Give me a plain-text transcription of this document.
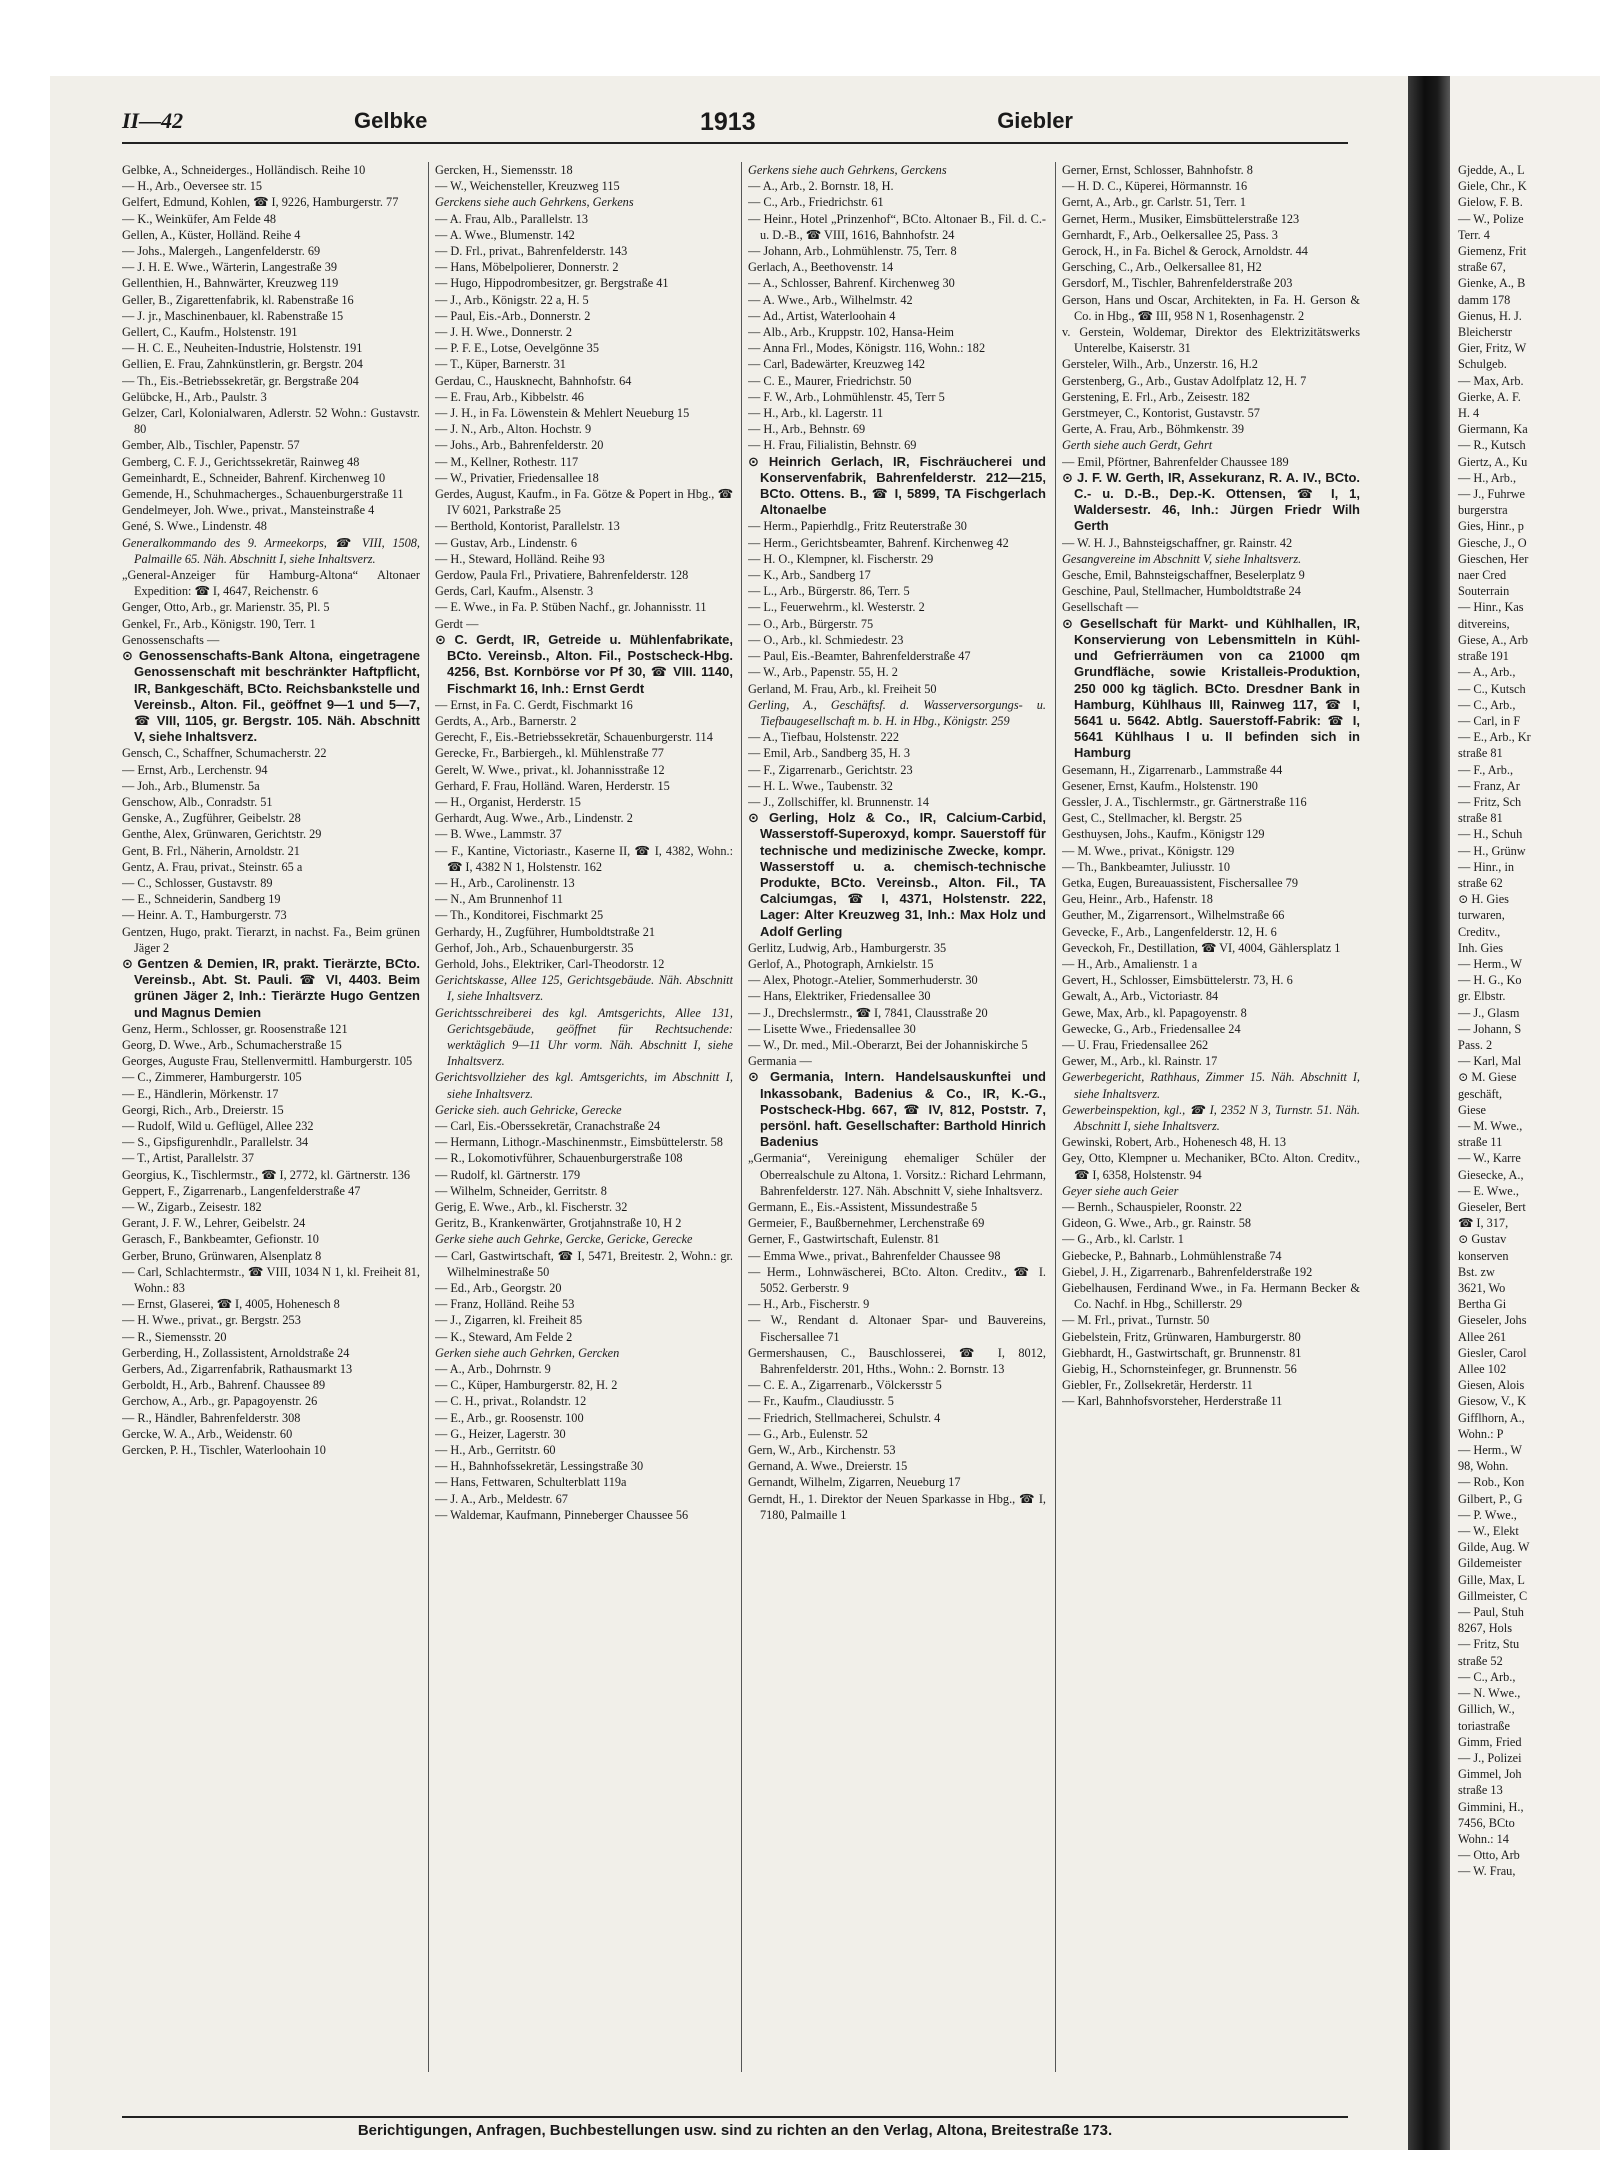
II—42	Gelbke	1913	Giebler

Gelbke, A., Schneiderges., Holländisch. Reihe 10

— H., Arb., Oeversee str. 15

Gelfert, Edmund, Kohlen, ☎ I, 9226, Hamburgerstr. 77

— K., Weinküfer, Am Felde 48

Gellen, A., Küster, Holländ. Reihe 4

— Johs., Malergeh., Langenfelderstr. 69

— J. H. E. Wwe., Wärterin, Langestraße 39

Gellenthien, H., Bahnwärter, Kreuzweg 119

Geller, B., Zigarettenfabrik, kl. Rabenstraße 16

— J. jr., Maschinenbauer, kl. Rabenstraße 15

Gellert, C., Kaufm., Holstenstr. 191

— H. C. E., Neuheiten-Industrie, Holstenstr. 191

Gellien, E. Frau, Zahnkünstlerin, gr. Bergstr. 204

— Th., Eis.-Betriebssekretär, gr. Bergstraße 204

Gelübcke, H., Arb., Paulstr. 3

Gelzer, Carl, Kolonialwaren, Adlerstr. 52 Wohn.: Gustavstr. 80

Gember, Alb., Tischler, Papenstr. 57

Gemberg, C. F. J., Gerichtssekretär, Rainweg 48

Gemeinhardt, E., Schneider, Bahrenf. Kirchenweg 10

Gemende, H., Schuhmacherges., Schauenburgerstraße 11

Gendelmeyer, Joh. Wwe., privat., Mansteinstraße 4

Gené, S. Wwe., Lindenstr. 48

Generalkommando des 9. Armeekorps, ☎ VIII, 1508, Palmaille 65. Näh. Abschnitt I, siehe Inhaltsverz.

„General-Anzeiger für Hamburg-Altona“ Altonaer Expedition: ☎ I, 4647, Reichenstr. 6

Genger, Otto, Arb., gr. Marienstr. 35, Pl. 5

Genkel, Fr., Arb., Königstr. 190, Terr. 1

Genossenschafts —

⊙ Genossenschafts-Bank Altona, eingetragene Genossenschaft mit beschränkter Haftpflicht, IR, Bankgeschäft, BCto. Reichsbankstelle und Vereinsb., Alton. Fil., geöffnet 9—1 und 5—7, ☎ VIII, 1105, gr. Bergstr. 105. Näh. Abschnitt V, siehe Inhaltsverz.

Gensch, C., Schaffner, Schumacherstr. 22

— Ernst, Arb., Lerchenstr. 94

— Joh., Arb., Blumenstr. 5a

Genschow, Alb., Conradstr. 51

Genske, A., Zugführer, Geibelstr. 28

Genthe, Alex, Grünwaren, Gerichtstr. 29

Gent, B. Frl., Näherin, Arnoldstr. 21

Gentz, A. Frau, privat., Steinstr. 65 a

— C., Schlosser, Gustavstr. 89

— E., Schneiderin, Sandberg 19

— Heinr. A. T., Hamburgerstr. 73

Gentzen, Hugo, prakt. Tierarzt, in nachst. Fa., Beim grünen Jäger 2

⊙ Gentzen & Demien, IR, prakt. Tierärzte, BCto. Vereinsb., Abt. St. Pauli. ☎ VI, 4403. Beim grünen Jäger 2, Inh.: Tierärzte Hugo Gentzen und Magnus Demien

Genz, Herm., Schlosser, gr. Roosenstraße 121

Georg, D. Wwe., Arb., Schumacherstraße 15

Georges, Auguste Frau, Stellenvermittl. Hamburgerstr. 105

— C., Zimmerer, Hamburgerstr. 105

— E., Händlerin, Mörkenstr. 17

Georgi, Rich., Arb., Dreierstr. 15

— Rudolf, Wild u. Geflügel, Allee 232

— S., Gipsfigurenhdlr., Parallelstr. 34

— T., Artist, Parallelstr. 37

Georgius, K., Tischlermstr., ☎ I, 2772, kl. Gärtnerstr. 136

Geppert, F., Zigarrenarb., Langenfelderstraße 47

— W., Zigarb., Zeisestr. 182

Gerant, J. F. W., Lehrer, Geibelstr. 24

Gerasch, F., Bankbeamter, Gefionstr. 10

Gerber, Bruno, Grünwaren, Alsenplatz 8

— Carl, Schlachtermstr., ☎ VIII, 1034 N 1, kl. Freiheit 81, Wohn.: 83

— Ernst, Glaserei, ☎ I, 4005, Hohenesch 8

— H. Wwe., privat., gr. Bergstr. 253

— R., Siemensstr. 20

Gerberding, H., Zollassistent, Arnoldstraße 24

Gerbers, Ad., Zigarrenfabrik, Rathausmarkt 13

Gerboldt, H., Arb., Bahrenf. Chaussee 89

Gerchow, A., Arb., gr. Papagoyenstr. 26

— R., Händler, Bahrenfelderstr. 308

Gercke, W. A., Arb., Weidenstr. 60

Gercken, P. H., Tischler, Waterloohain 10

Gercken, H., Siemensstr. 18

— W., Weichensteller, Kreuzweg 115

Gerckens siehe auch Gehrkens, Gerkens

— A. Frau, Alb., Parallelstr. 13

— A. Wwe., Blumenstr. 142

— D. Frl., privat., Bahrenfelderstr. 143

— Hans, Möbelpolierer, Donnerstr. 2

— Hugo, Hippodrombesitzer, gr. Bergstraße 41

— J., Arb., Königstr. 22 a, H. 5

— Paul, Eis.-Arb., Donnerstr. 2

— J. H. Wwe., Donnerstr. 2

— P. F. E., Lotse, Oevelgönne 35

— T., Küper, Barnerstr. 31

Gerdau, C., Hausknecht, Bahnhofstr. 64

— E. Frau, Arb., Kibbelstr. 46

— J. H., in Fa. Löwenstein & Mehlert Neueburg 15

— J. N., Arb., Alton. Hochstr. 9

— Johs., Arb., Bahrenfelderstr. 20

— M., Kellner, Rothestr. 117

— W., Privatier, Friedensallee 18

Gerdes, August, Kaufm., in Fa. Götze & Popert in Hbg., ☎ IV 6021, Parkstraße 25

— Berthold, Kontorist, Parallelstr. 13

— Gustav, Arb., Lindenstr. 6

— H., Steward, Holländ. Reihe 93

Gerdow, Paula Frl., Privatiere, Bahrenfelderstr. 128

Gerds, Carl, Kaufm., Alsenstr. 3

— E. Wwe., in Fa. P. Stüben Nachf., gr. Johannisstr. 11

Gerdt —

⊙ C. Gerdt, IR, Getreide u. Mühlenfabrikate, BCto. Vereinsb., Alton. Fil., Postscheck-Hbg. 4256, Bst. Kornbörse vor Pf 30, ☎ VIII. 1140, Fischmarkt 16, Inh.: Ernst Gerdt

— Ernst, in Fa. C. Gerdt, Fischmarkt 16

Gerdts, A., Arb., Barnerstr. 2

Gerecht, F., Eis.-Betriebssekretär, Schauenburgerstr. 114

Gerecke, Fr., Barbiergeh., kl. Mühlenstraße 77

Gerelt, W. Wwe., privat., kl. Johannisstraße 12

Gerhard, F. Frau, Holländ. Waren, Herderstr. 15

— H., Organist, Herderstr. 15

Gerhardt, Aug. Wwe., Arb., Lindenstr. 2

— B. Wwe., Lammstr. 37

— F., Kantine, Victoriastr., Kaserne II, ☎ I, 4382, Wohn.: ☎ I, 4382 N 1, Holstenstr. 162

— H., Arb., Carolinenstr. 13

— N., Am Brunnenhof 11

— Th., Konditorei, Fischmarkt 25

Gerhardy, H., Zugführer, Humboldtstraße 21

Gerhof, Joh., Arb., Schauenburgerstr. 35

Gerhold, Johs., Elektriker, Carl-Theodorstr. 12

Gerichtskasse, Allee 125, Gerichtsgebäude. Näh. Abschnitt I, siehe Inhaltsverz.

Gerichtsschreiberei des kgl. Amtsgerichts, Allee 131, Gerichtsgebäude, geöffnet für Rechtsuchende: werktäglich 9—11 Uhr vorm. Näh. Abschnitt I, siehe Inhaltsverz.

Gerichtsvollzieher des kgl. Amtsgerichts, im Abschnitt I, siehe Inhaltsverz.

Gericke sieh. auch Gehricke, Gerecke

— Carl, Eis.-Oberssekretär, Cranachstraße 24

— Hermann, Lithogr.-Maschinenmstr., Eimsbüttelerstr. 58

— R., Lokomotivführer, Schauenburgerstraße 108

— Rudolf, kl. Gärtnerstr. 179

— Wilhelm, Schneider, Gerritstr. 8

Gerig, E. Wwe., Arb., kl. Fischerstr. 32

Geritz, B., Krankenwärter, Grotjahnstraße 10, H 2

Gerke siehe auch Gehrke, Gercke, Gericke, Gerecke

— Carl, Gastwirtschaft, ☎ I, 5471, Breitestr. 2, Wohn.: gr. Wilhelminestraße 50

— Ed., Arb., Georgstr. 20

— Franz, Holländ. Reihe 53

— J., Zigarren, kl. Freiheit 85

— K., Steward, Am Felde 2

Gerken siehe auch Gehrken, Gercken

— A., Arb., Dohrnstr. 9

— C., Küper, Hamburgerstr. 82, H. 2

— C. H., privat., Rolandstr. 12

— E., Arb., gr. Roosenstr. 100

— G., Heizer, Lagerstr. 30

— H., Arb., Gerritstr. 60

— H., Bahnhofssekretär, Lessingstraße 30

— Hans, Fettwaren, Schulterblatt 119a

— J. A., Arb., Meldestr. 67

— Waldemar, Kaufmann, Pinneberger Chaussee 56

Gerkens siehe auch Gehrkens, Gerckens

— A., Arb., 2. Bornstr. 18, H.

— C., Arb., Friedrichstr. 61

— Heinr., Hotel „Prinzenhof“, BCto. Altonaer B., Fil. d. C.- u. D.-B., ☎ VIII, 1616, Bahnhofstr. 24

— Johann, Arb., Lohmühlenstr. 75, Terr. 8

Gerlach, A., Beethovenstr. 14

— A., Schlosser, Bahrenf. Kirchenweg 30

— A. Wwe., Arb., Wilhelmstr. 42

— Ad., Artist, Waterloohain 4

— Alb., Arb., Kruppstr. 102, Hansa-Heim

— Anna Frl., Modes, Königstr. 116, Wohn.: 182

— Carl, Badewärter, Kreuzweg 142

— C. E., Maurer, Friedrichstr. 50

— F. W., Arb., Lohmühlenstr. 45, Terr 5

— H., Arb., kl. Lagerstr. 11

— H., Arb., Behnstr. 69

— H. Frau, Filialistin, Behnstr. 69

⊙ Heinrich Gerlach, IR, Fischräucherei und Konservenfabrik, Bahrenfelderstr. 212—215, BCto. Ottens. B., ☎ I, 5899, TA Fischgerlach Altonaelbe

— Herm., Papierhdlg., Fritz Reuterstraße 30

— Herm., Gerichtsbeamter, Bahrenf. Kirchenweg 42

— H. O., Klempner, kl. Fischerstr. 29

— K., Arb., Sandberg 17

— L., Arb., Bürgerstr. 86, Terr. 5

— L., Feuerwehrm., kl. Westerstr. 2

— O., Arb., Bürgerstr. 75

— O., Arb., kl. Schmiedestr. 23

— Paul, Eis.-Beamter, Bahrenfelderstraße 47

— W., Arb., Papenstr. 55, H. 2

Gerland, M. Frau, Arb., kl. Freiheit 50

Gerling, A., Geschäftsf. d. Wasserversorgungs- u. Tiefbaugesellschaft m. b. H. in Hbg., Königstr. 259

— A., Tiefbau, Holstenstr. 222

— Emil, Arb., Sandberg 35, H. 3

— F., Zigarrenarb., Gerichtstr. 23

— H. L. Wwe., Taubenstr. 32

— J., Zollschiffer, kl. Brunnenstr. 14

⊙ Gerling, Holz & Co., IR, Calcium-Carbid, Wasserstoff-Superoxyd, kompr. Sauerstoff für technische und medizinische Zwecke, kompr. Wasserstoff u. a. chemisch-technische Produkte, BCto. Vereinsb., Alton. Fil., TA Calciumgas, ☎ I, 4371, Holstenstr. 222, Lager: Alter Kreuzweg 31, Inh.: Max Holz und Adolf Gerling

Gerlitz, Ludwig, Arb., Hamburgerstr. 35

Gerlof, A., Photograph, Arnkielstr. 15

— Alex, Photogr.-Atelier, Sommerhuderstr. 30

— Hans, Elektriker, Friedensallee 30

— J., Drechslermstr., ☎ I, 7841, Clausstraße 20

— Lisette Wwe., Friedensallee 30

— W., Dr. med., Mil.-Oberarzt, Bei der Johanniskirche 5

Germania —

⊙ Germania, Intern. Handelsauskunftei und Inkassobank, Badenius & Co., IR, K.-G., Postscheck-Hbg. 667, ☎ IV, 812, Poststr. 7, persönl. haft. Gesellschafter: Barthold Hinrich Badenius

„Germania“, Vereinigung ehemaliger Schüler der Oberrealschule zu Altona, 1. Vorsitz.: Richard Lehrmann, Bahrenfelderstr. 127. Näh. Abschnitt V, siehe Inhaltsverz.

Germann, E., Eis.-Assistent, Missundestraße 5

Germeier, F., Baußbernehmer, Lerchenstraße 69

Gerner, F., Gastwirtschaft, Eulenstr. 81

— Emma Wwe., privat., Bahrenfelder Chaussee 98

— Herm., Lohnwäscherei, BCto. Alton. Creditv., ☎ I. 5052. Gerberstr. 9

— H., Arb., Fischerstr. 9

— W., Rendant d. Altonaer Spar- und Bauvereins, Fischersallee 71

Germershausen, C., Bauschlosserei, ☎ I, 8012, Bahrenfelderstr. 201, Hths., Wohn.: 2. Bornstr. 13

— C. E. A., Zigarrenarb., Völckersstr 5

— Fr., Kaufm., Claudiusstr. 5

— Friedrich, Stellmacherei, Schulstr. 4

— G., Arb., Eulenstr. 52

Gern, W., Arb., Kirchenstr. 53

Gernand, A. Wwe., Dreierstr. 15

Gernandt, Wilhelm, Zigarren, Neueburg 17

Gerndt, H., 1. Direktor der Neuen Sparkasse in Hbg., ☎ I, 7180, Palmaille 1

Gerner, Ernst, Schlosser, Bahnhofstr. 8

— H. D. C., Küperei, Hörmannstr. 16

Gernt, A., Arb., gr. Carlstr. 51, Terr. 1

Gernet, Herm., Musiker, Eimsbüttelerstraße 123

Gernhardt, F., Arb., Oelkersallee 25, Pass. 3

Gerock, H., in Fa. Bichel & Gerock, Arnoldstr. 44

Gersching, C., Arb., Oelkersallee 81, H2

Gersdorf, M., Tischler, Bahrenfelderstraße 203

Gerson, Hans und Oscar, Architekten, in Fa. H. Gerson & Co. in Hbg., ☎ III, 958 N 1, Rosenhagenstr. 2

v. Gerstein, Woldemar, Direktor des Elektrizitätswerks Unterelbe, Kaiserstr. 31

Gersteler, Wilh., Arb., Unzerstr. 16, H.2

Gerstenberg, G., Arb., Gustav Adolfplatz 12, H. 7

Gerstening, E. Frl., Arb., Zeisestr. 182

Gerstmeyer, C., Kontorist, Gustavstr. 57

Gerte, A. Frau, Arb., Böhmkenstr. 39

Gerth siehe auch Gerdt, Gehrt

— Emil, Pförtner, Bahrenfelder Chaussee 189

⊙ J. F. W. Gerth, IR, Assekuranz, R. A. IV., BCto. C.- u. D.-B., Dep.-K. Ottensen, ☎ I, 1, Waldersestr. 46, Inh.: Jürgen Friedr Wilh Gerth

— W. H. J., Bahnsteigschaffner, gr. Rainstr. 42

Gesangvereine im Abschnitt V, siehe Inhaltsverz.

Gesche, Emil, Bahnsteigschaffner, Beselerplatz 9

Geschine, Paul, Stellmacher, Humboldtstraße 24

Gesellschaft —

⊙ Gesellschaft für Markt- und Kühlhallen, IR, Konservierung von Lebensmitteln in Kühl- und Gefrierräumen von ca 21000 qm Grundfläche, sowie Kristalleis-Produktion, 250 000 kg täglich. BCto. Dresdner Bank in Hamburg, Kühlhaus III, Rainweg 117, ☎ I, 5641 u. 5642. Abtlg. Sauerstoff-Fabrik: ☎ I, 5641 Kühlhaus I u. II befinden sich in Hamburg

Gesemann, H., Zigarrenarb., Lammstraße 44

Gesener, Ernst, Kaufm., Holstenstr. 190

Gessler, J. A., Tischlermstr., gr. Gärtnerstraße 116

Gest, C., Stellmacher, kl. Bergstr. 25

Gesthuysen, Johs., Kaufm., Königstr 129

— M. Wwe., privat., Königstr. 129

— Th., Bankbeamter, Juliusstr. 10

Getka, Eugen, Bureauassistent, Fischersallee 79

Geu, Heinr., Arb., Hafenstr. 18

Geuther, M., Zigarrensort., Wilhelmstraße 66

Gevecke, F., Arb., Langenfelderstr. 12, H. 6

Geveckoh, Fr., Destillation, ☎ VI, 4004, Gählersplatz 1

— H., Arb., Amalienstr. 1 a

Gevert, H., Schlosser, Eimsbüttelerstr. 73, H. 6

Gewalt, A., Arb., Victoriastr. 84

Gewe, Max, Arb., kl. Papagoyenstr. 8

Gewecke, G., Arb., Friedensallee 24

— U. Frau, Friedensallee 262

Gewer, M., Arb., kl. Rainstr. 17

Gewerbegericht, Rathhaus, Zimmer 15. Näh. Abschnitt I, siehe Inhaltsverz.

Gewerbeinspektion, kgl., ☎ I, 2352 N 3, Turnstr. 51. Näh. Abschnitt I, siehe Inhaltsverz.

Gewinski, Robert, Arb., Hohenesch 48, H. 13

Gey, Otto, Klempner u. Mechaniker, BCto. Alton. Creditv., ☎ I, 6358, Holstenstr. 94

Geyer siehe auch Geier

— Bernh., Schauspieler, Roonstr. 22

Gideon, G. Wwe., Arb., gr. Rainstr. 58

— G., Arb., kl. Carlstr. 1

Giebecke, P., Bahnarb., Lohmühlenstraße 74

Giebel, J. H., Zigarrenarb., Bahrenfelderstraße 192

Giebelhausen, Ferdinand Wwe., in Fa. Hermann Becker & Co. Nachf. in Hbg., Schillerstr. 29

— M. Frl., privat., Turnstr. 50

Giebelstein, Fritz, Grünwaren, Hamburgerstr. 80

Giebhardt, H., Gastwirtschaft, gr. Brunnenstr. 81

Giebig, H., Schornsteinfeger, gr. Brunnenstr. 56

Giebler, Fr., Zollsekretär, Herderstr. 11

— Karl, Bahnhofsvorsteher, Herderstraße 11

Berichtigungen, Anfragen, Buchbestellungen usw. sind zu richten an den Verlag, Altona, Breitestraße 173.

Gjedde, A., L

Giele, Chr., K

Gielow, F. B.

— W., Polize

Terr. 4

Giemenz, Frit

straße 67,

Gienke, A., B

damm 178

Gienus, H. J.

Bleicherstr

Gier, Fritz, W

Schulgeb.

— Max, Arb.

Gierke, A. F.

H. 4

Giermann, Ka

— R., Kutsch

Giertz, A., Ku

— H., Arb.,

— J., Fuhrwe

burgerstra

Gies, Hinr., p

Giesche, J., O

Gieschen, Her

naer Cred

Souterrain

— Hinr., Kas

ditvereins,

Giese, A., Arb

straße 191

— A., Arb.,

— C., Kutsch

— C., Arb.,

— Carl, in F

— E., Arb., Kr

straße 81

— F., Arb.,

— Franz, Ar

— Fritz, Sch

straße 81

— H., Schuh

— H., Grünw

— Hinr., in

straße 62

⊙ H. Gies

turwaren,

Creditv.,

Inh. Gies

— Herm., W

— H. G., Ko

gr. Elbstr.

— J., Glasm

— Johann, S

Pass. 2

— Karl, Mal

⊙ M. Giese

geschäft,

Giese

— M. Wwe.,

straße 11

— W., Karre

Giesecke, A.,

— E. Wwe.,

Gieseler, Bert

☎ I, 317,

⊙ Gustav

konserven

Bst. zw

3621, Wo

Bertha Gi

Gieseler, Johs

Allee 261

Giesler, Carol

Allee 102

Giesen, Alois

Giesow, V., K

Gifflhorn, A.,

Wohn.: P

— Herm., W

98, Wohn.

— Rob., Kon

Gilbert, P., G

— P. Wwe.,

— W., Elekt

Gilde, Aug. W

Gildemeister

Gille, Max, L

Gillmeister, C

— Paul, Stuh

8267, Hols

— Fritz, Stu

straße 52

— C., Arb.,

— N. Wwe.,

Gillich, W.,

toriastraße

Gimm, Fried

— J., Polizei

Gimmel, Joh

straße 13

Gimmini, H.,

7456, BCto

Wohn.: 14

— Otto, Arb

— W. Frau,
